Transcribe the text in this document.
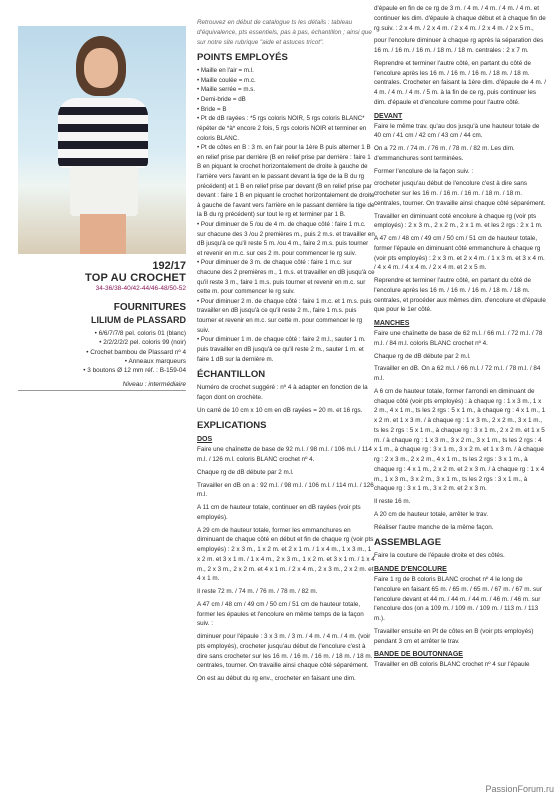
192/17
TOP AU CROCHET
34-36/38-40/42-44/46-48/50-52
FOURNITURES
LILIUM de PLASSARD
• 6/6/7/7/8 pel. coloris 01 (blanc)
• 2/2/2/2/2 pel. coloris 99 (noir)
• Crochet bambou de Plassard nº 4
• Anneaux marqueurs
• 3 boutons Ø 12 mm réf. : B-159-04
Niveau : intermédiaire

Retrouvez en début de catalogue ts les détails : tableau d'équivalence, pts essentiels, pas à pas, échantillon ; ainsi que sur notre site rubrique "aide et astuces tricot".

POINTS EMPLOYÉS
• Maille en l'air = m.l.
• Maille coulée = m.c.
• Maille serrée = m.s.
• Demi-bride = dB
• Bride = B
• Pt de dB rayées : *5 rgs coloris NOIR, 5 rgs coloris BLANC* répéter de *à* encore 2 fois, 5 rgs coloris NOIR et terminer en coloris BLANC.
• Pt de côtes en B : 3 m. en l'air pour la 1ère B puis alterner 1 B en relief prise par derrière (B en relief prise par derrière : faire 1 B en piquant le crochet horizontalement de droite à gauche de l'arrière vers l'avant en le passant devant la tige de la B du rg précédent) et 1 B en relief prise par devant (B en relief prise par devant : faire 1 B en piquant le crochet horizontalement de droite à gauche de l'avant vers l'arrière en le passant derrière la tige de la B du rg précédent) sur tout le rg et terminer par 1 B.
• Pour diminuer de 5 /ou de 4 m. de chaque côté : faire 1 m.c. sur chacune des 3 /ou 2 premières m., puis 2 m.s. et travailler en dB jusqu'à ce qu'il reste 5 m. /ou 4 m., faire 2 m.s. puis tourner et revenir en m.c. sur ces 2 m. pour commencer le rg suiv.
• Pour diminuer de 3 m. de chaque côté : faire 1 m.c. sur chacune des 2 premières m., 1 m.s. et travailler en dB jusqu'à ce qu'il reste 3 m., faire 1 m.s. puis tourner et revenir en m.c. sur cette m. pour commencer le rg suiv.
• Pour diminuer 2 m. de chaque côté : faire 1 m.c. et 1 m.s. puis travailler en dB jusqu'à ce qu'il reste 2 m., faire 1 m.s. puis tourner et revenir en m.c. sur cette m. pour commencer le rg suiv.
• Pour diminuer 1 m. de chaque côté : faire 2 m.l., sauter 1 m. puis travailler en dB jusqu'à ce qu'il reste 2 m., sauter 1 m. et faire 1 dB sur la dernière m.
ÉCHANTILLON

Numéro de crochet suggéré : nº 4 à adapter en fonction de la façon dont on crochète.

Un carré de 10 cm x 10 cm en dB rayées = 20 m. et 16 rgs.

EXPLICATIONS
DOS

Faire une chaînette de base de 92 m.l. / 98 m.l. / 106 m.l. / 114 m.l. / 126 m.l. coloris BLANC crochet nº 4.

Chaque rg de dB débute par 2 m.l.

Travailler en dB on a : 92 m.l. / 98 m.l. / 106 m.l. / 114 m.l. / 126 m.l.

A 11 cm de hauteur totale, continuer en dB rayées (voir pts employés).

A 29 cm de hauteur totale, former les emmanchures en diminuant de chaque côté en début et fin de chaque rg (voir pts employés) : 2 x 3 m., 1 x 2 m. et 2 x 1 m. / 1 x 4 m., 1 x 3 m., 1 x 2 m. et 3 x 1 m. / 1 x 4 m., 2 x 3 m., 1 x 2 m. et 3 x 1 m. / 1 x 4 m., 2 x 3 m., 2 x 2 m. et 4 x 1 m. / 2 x 4 m., 2 x 3 m., 2 x 2 m. et 4 x 1 m.

Il reste 72 m. / 74 m. / 76 m. / 78 m. / 82 m.

A 47 cm / 48 cm / 49 cm / 50 cm / 51 cm de hauteur totale, former les épaules et l'encolure en même temps de la façon suiv. :

diminuer pour l'épaule : 3 x 3 m. / 3 m. / 4 m. / 4 m. / 4 m. (voir pts employés), crocheter jusqu'au début de l'encolure c'est à dire sans crocheter sur les 16 m. / 16 m. / 16 m. / 18 m. / 18 m. centrales, tourner. On travaille ainsi chaque côté séparément.

On est au début du rg env., crocheter en faisant une dim.

d'épaule en fin de ce rg de 3 m. / 4 m. / 4 m. / 4 m. / 4 m. et continuer les dim. d'épaule à chaque début et à chaque fin de rg suiv. : 2 x 4 m. / 2 x 4 m. / 2 x 4 m. / 2 x 4 m. / 2 x 5 m.,

pour l'encolure diminuer à chaque rg après la séparation des 16 m. / 16 m. / 16 m. / 18 m. / 18 m. centrales : 2 x 7 m.

Reprendre et terminer l'autre côté, en partant du côté de l'encolure après les 16 m. / 16 m. / 16 m. / 18 m. / 18 m. centrales. Crocheter en faisant la 1ère dim. d'épaule de 4 m. / 4 m. / 4 m. / 4 m. / 5 m. à la fin de ce rg, puis continuer les dim. d'épaule et d'encolure comme pour l'autre côté.

DEVANT

Faire le même trav. qu'au dos jusqu'à une hauteur totale de 40 cm / 41 cm / 42 cm / 43 cm / 44 cm.

On a 72 m. / 74 m. / 76 m. / 78 m. / 82 m. Les dim. d'emmanchures sont terminées.

Former l'encolure de la façon suiv. :

crocheter jusqu'au début de l'encolure c'est à dire sans crocheter sur les 16 m. / 16 m. / 16 m. / 18 m. / 18 m. centrales, tourner. On travaille ainsi chaque côté séparément.

Travailler en diminuant coté encolure à chaque rg (voir pts employés) : 2 x 3 m., 2 x 2 m., 2 x 1 m. et les 2 rgs : 2 x 1 m.

A 47 cm / 48 cm / 49 cm / 50 cm / 51 cm de hauteur totale, former l'épaule en diminuant côté emmanchure à chaque rg (voir pts employés) : 2 x 3 m. et 2 x 4 m. / 1 x 3 m. et 3 x 4 m. / 4 x 4 m. / 4 x 4 m. / 2 x 4 m. et 2 x 5 m.

Reprendre et terminer l'autre côté, en partant du côté de l'encolure après les 16 m. / 16 m. / 16 m. / 18 m. / 18 m. centrales, et procéder aux mêmes dim. d'encolure et d'épaule que pour le 1er côté.

MANCHES

Faire une chaînette de base de 62 m.l. / 66 m.l. / 72 m.l. / 78 m.l. / 84 m.l. coloris BLANC crochet nº 4.

Chaque rg de dB débute par 2 m.l.

Travailler en dB. On a 62 m.l. / 66 m.l. / 72 m.l. / 78 m.l. / 84 m.l.

A 6 cm de hauteur totale, former l'arrondi en diminuant de chaque côté (voir pts employés) : à chaque rg : 1 x 3 m., 1 x 2 m., 4 x 1 m., ts les 2 rgs : 5 x 1 m., à chaque rg : 4 x 1 m., 1 x 2 m. et 1 x 3 m. / à chaque rg : 1 x 3 m., 2 x 2 m., 3 x 1 m., ts les 2 rgs : 5 x 1 m., à chaque rg : 3 x 1 m., 2 x 2 m. et 1 x 5 m. / à chaque rg : 1 x 3 m., 3 x 2 m., 3 x 1 m., ts les 2 rgs : 4 x 1 m., à chaque rg : 3 x 1 m., 3 x 2 m. et 1 x 3 m. / à chaque rg : 2 x 3 m., 2 x 2 m., 4 x 1 m., ts les 2 rgs : 3 x 1 m., à chaque rg : 4 x 1 m., 2 x 2 m. et 2 x 3 m. / à chaque rg : 1 x 4 m., 1 x 3 m., 3 x 2 m., 3 x 1 m., ts les 2 rgs : 3 x 1 m., à chaque rg : 3 x 1 m., 3 x 2 m. et 2 x 3 m.

Il reste 16 m.

A 20 cm de hauteur totale, arrêter le trav.

Réaliser l'autre manche de la même façon.

ASSEMBLAGE

Faire la couture de l'épaule droite et des côtés.

BANDE D'ENCOLURE

Faire 1 rg de B coloris BLANC crochet nº 4 le long de l'encolure en faisant 65 m. / 65 m. / 65 m. / 67 m. / 67 m. sur l'encolure devant et 44 m. / 44 m. / 44 m. / 46 m. / 46 m. sur l'encolure dos (on a 109 m. / 109 m. / 109 m. / 113 m. / 113 m.).

Travailler ensuite en Pt de côtes en B (voir pts employés) pendant 3 cm et arrêter le trav.

BANDE DE BOUTONNAGE

Travailler en dB coloris BLANC crochet nº 4 sur l'épaule

PassionForum.ru
